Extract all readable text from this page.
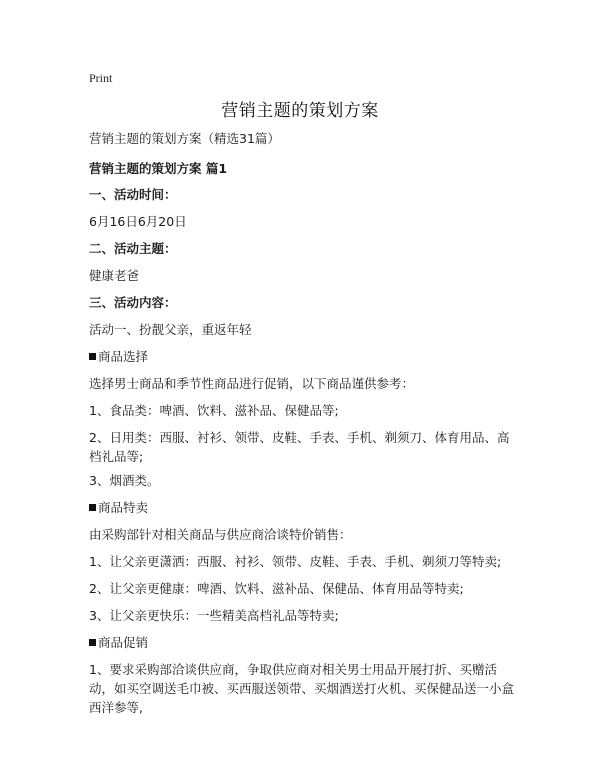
Print
营销主题的策划方案
营销主题的策划方案（精选31篇）
营销主题的策划方案 篇1
一、活动时间：
6月16日6月20日
二、活动主题：
健康老爸
三、活动内容：
活动一、扮靓父亲，重返年轻
商品选择
选择男士商品和季节性商品进行促销，以下商品谨供参考：
1、食品类：啤酒、饮料、滋补品、保健品等;
2、日用类：西服、衬衫、领带、皮鞋、手表、手机、剃须刀、体育用品、高档礼品等;
3、烟酒类。
商品特卖
由采购部针对相关商品与供应商洽谈特价销售：
1、让父亲更潇洒：西服、衬衫、领带、皮鞋、手表、手机、剃须刀等特卖;
2、让父亲更健康：啤酒、饮料、滋补品、保健品、体育用品等特卖;
3、让父亲更快乐：一些精美高档礼品等特卖;
商品促销
1、要求采购部洽谈供应商，争取供应商对相关男士用品开展打折、买赠活动，如买空调送毛巾被、买西服送领带、买烟酒送打火机、买保健品送一小盒西洋参等,
